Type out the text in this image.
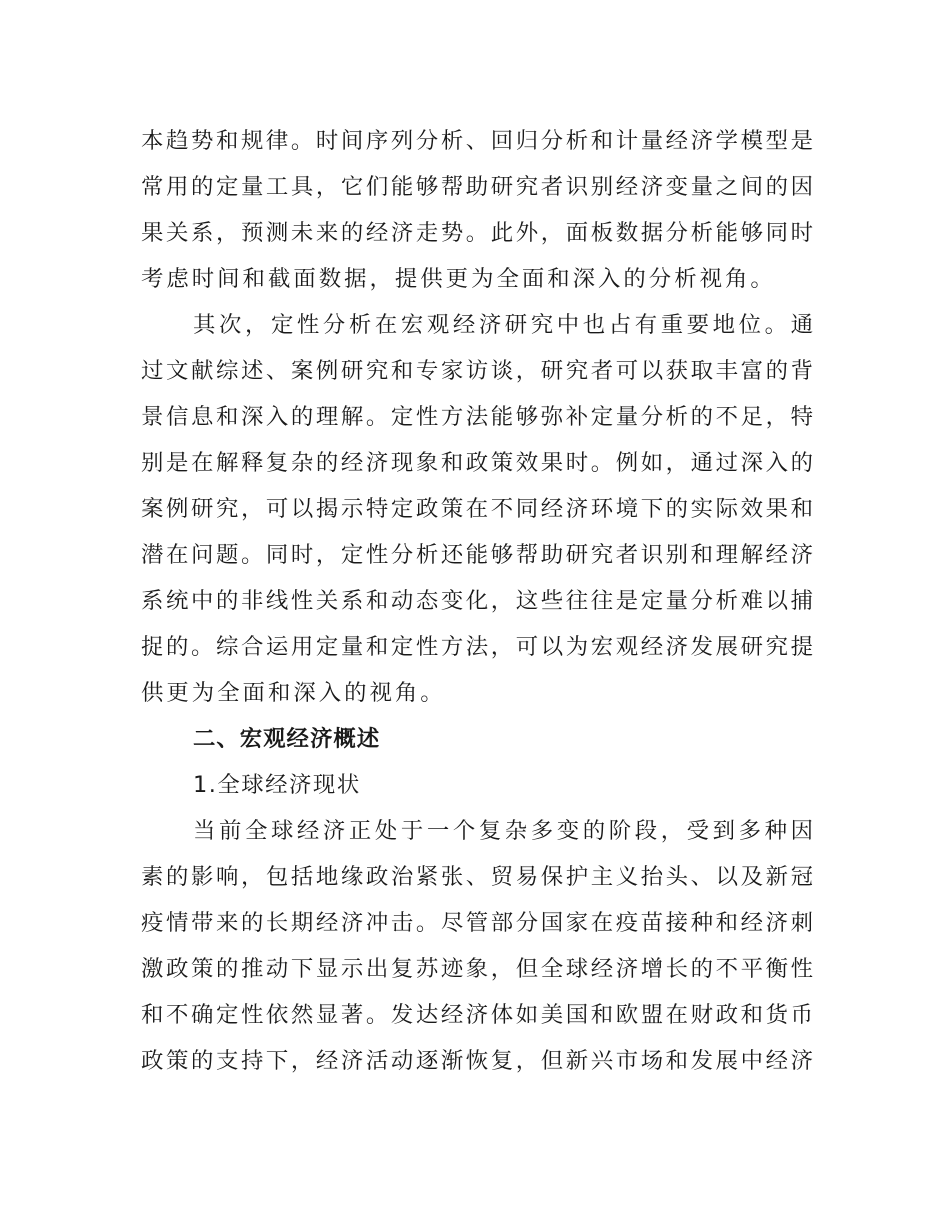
本趋势和规律。时间序列分析、回归分析和计量经济学模型是
常用的定量工具，它们能够帮助研究者识别经济变量之间的因
果关系，预测未来的经济走势。此外，面板数据分析能够同时
考虑时间和截面数据，提供更为全面和深入的分析视角。
其次，定性分析在宏观经济研究中也占有重要地位。通
过文献综述、案例研究和专家访谈，研究者可以获取丰富的背
景信息和深入的理解。定性方法能够弥补定量分析的不足，特
别是在解释复杂的经济现象和政策效果时。例如，通过深入的
案例研究，可以揭示特定政策在不同经济环境下的实际效果和
潜在问题。同时，定性分析还能够帮助研究者识别和理解经济
系统中的非线性关系和动态变化，这些往往是定量分析难以捕
捉的。综合运用定量和定性方法，可以为宏观经济发展研究提
供更为全面和深入的视角。
二、宏观经济概述
1.全球经济现状
当前全球经济正处于一个复杂多变的阶段，受到多种因
素的影响，包括地缘政治紧张、贸易保护主义抬头、以及新冠
疫情带来的长期经济冲击。尽管部分国家在疫苗接种和经济刺
激政策的推动下显示出复苏迹象，但全球经济增长的不平衡性
和不确定性依然显著。发达经济体如美国和欧盟在财政和货币
政策的支持下，经济活动逐渐恢复，但新兴市场和发展中经济
